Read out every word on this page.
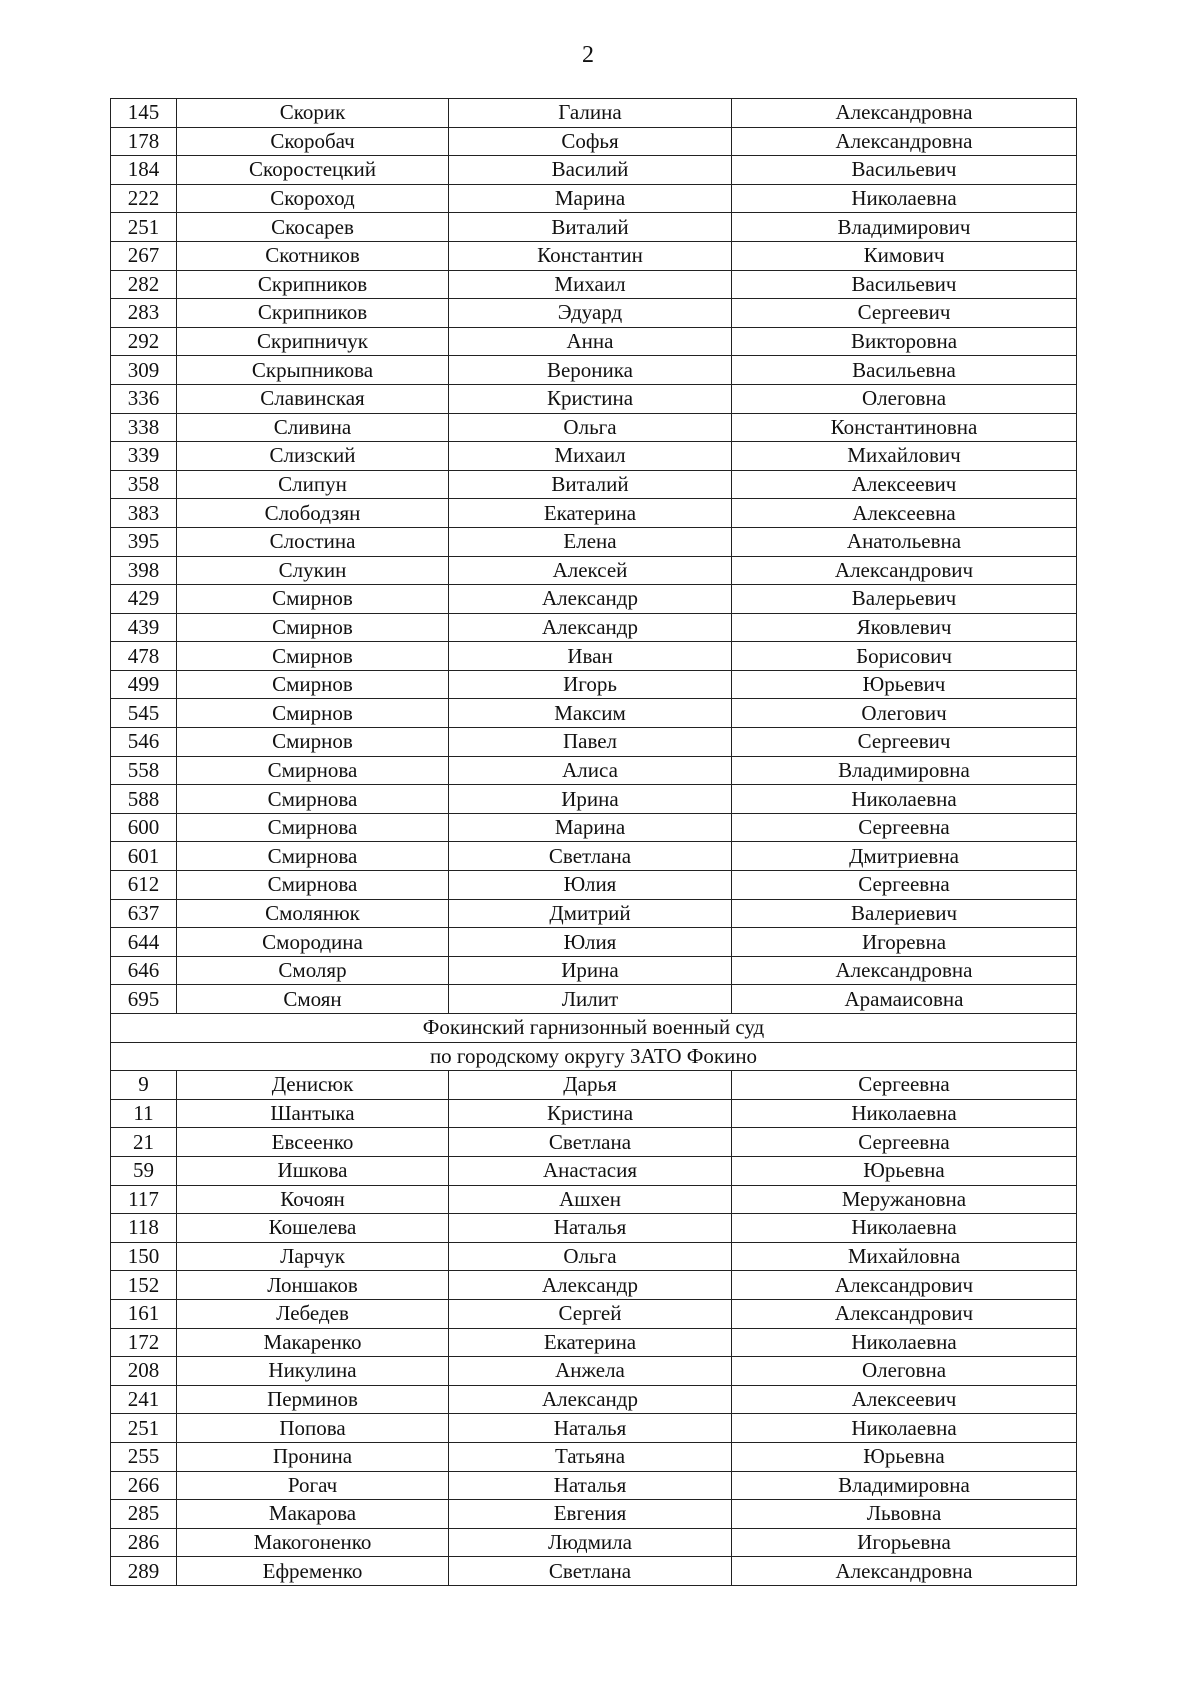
2
145	Скорик	Галина	Александровна
178	Скоробач	Софья	Александровна
184	Скоростецкий	Василий	Васильевич
222	Скороход	Марина	Николаевна
251	Скосарев	Виталий	Владимирович
267	Скотников	Константин	Кимович
282	Скрипников	Михаил	Васильевич
283	Скрипников	Эдуард	Сергеевич
292	Скрипничук	Анна	Викторовна
309	Скрыпникова	Вероника	Васильевна
336	Славинская	Кристина	Олеговна
338	Сливина	Ольга	Константиновна
339	Слизский	Михаил	Михайлович
358	Слипун	Виталий	Алексеевич
383	Слободзян	Екатерина	Алексеевна
395	Слостина	Елена	Анатольевна
398	Слукин	Алексей	Александрович
429	Смирнов	Александр	Валерьевич
439	Смирнов	Александр	Яковлевич
478	Смирнов	Иван	Борисович
499	Смирнов	Игорь	Юрьевич
545	Смирнов	Максим	Олегович
546	Смирнов	Павел	Сергеевич
558	Смирнова	Алиса	Владимировна
588	Смирнова	Ирина	Николаевна
600	Смирнова	Марина	Сергеевна
601	Смирнова	Светлана	Дмитриевна
612	Смирнова	Юлия	Сергеевна
637	Смолянюк	Дмитрий	Валериевич
644	Смородина	Юлия	Игоревна
646	Смоляр	Ирина	Александровна
695	Смоян	Лилит	Арамаисовна
Фокинский гарнизонный военный суд			
по городскому округу ЗАТО Фокино			
9	Денисюк	Дарья	Сергеевна
11	Шантыка	Кристина	Николаевна
21	Евсеенко	Светлана	Сергеевна
59	Ишкова	Анастасия	Юрьевна
117	Кочоян	Ашхен	Меружановна
118	Кошелева	Наталья	Николаевна
150	Ларчук	Ольга	Михайловна
152	Лоншаков	Александр	Александрович
161	Лебедев	Сергей	Александрович
172	Макаренко	Екатерина	Николаевна
208	Никулина	Анжела	Олеговна
241	Перминов	Александр	Алексеевич
251	Попова	Наталья	Николаевна
255	Пронина	Татьяна	Юрьевна
266	Рогач	Наталья	Владимировна
285	Макарова	Евгения	Львовна
286	Макогоненко	Людмила	Игорьевна
289	Ефременко	Светлана	Александровна
